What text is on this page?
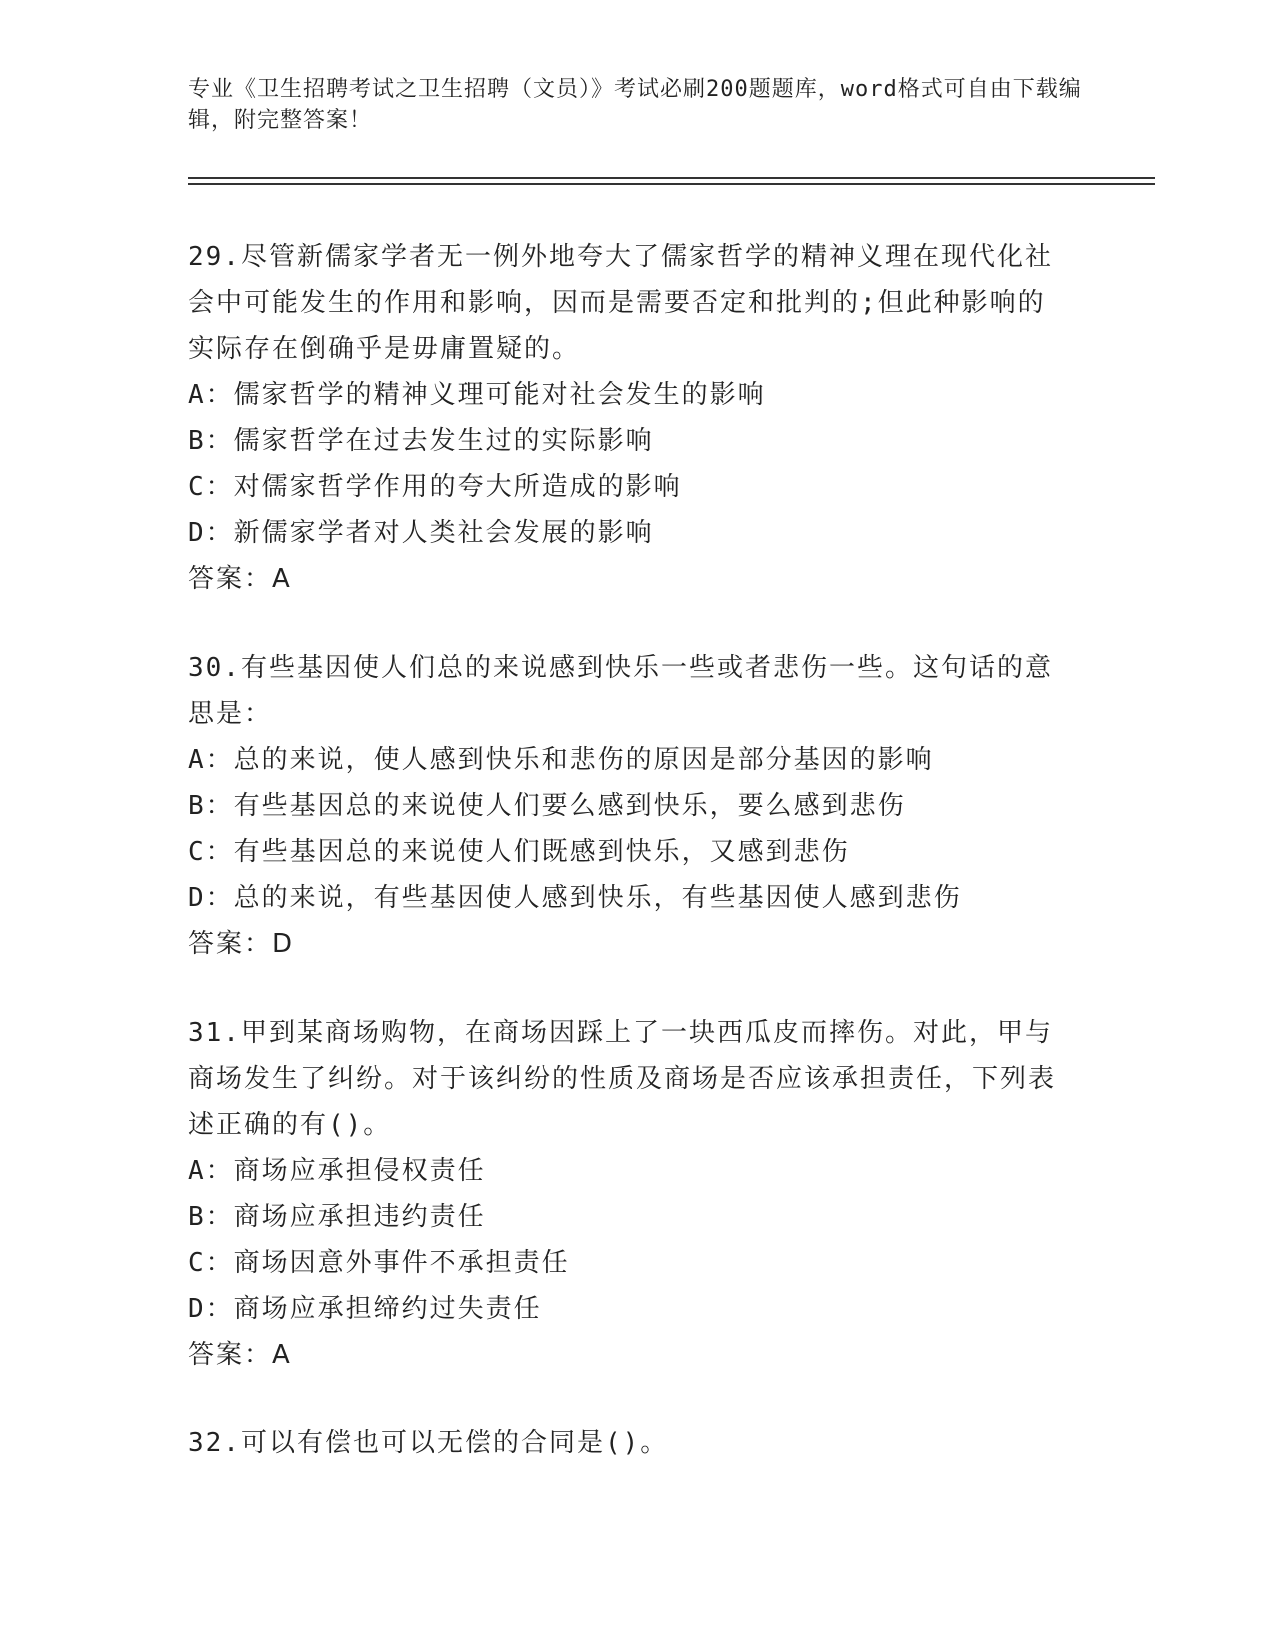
专业《卫生招聘考试之卫生招聘（文员）》考试必刷200题题库，word格式可自由下载编辑，附完整答案！

29.尽管新儒家学者无一例外地夸大了儒家哲学的精神义理在现代化社会中可能发生的作用和影响，因而是需要否定和批判的;但此种影响的实际存在倒确乎是毋庸置疑的。

A：儒家哲学的精神义理可能对社会发生的影响

B：儒家哲学在过去发生过的实际影响

C：对儒家哲学作用的夸大所造成的影响

D：新儒家学者对人类社会发展的影响

答案：A

30.有些基因使人们总的来说感到快乐一些或者悲伤一些。这句话的意思是：

A：总的来说，使人感到快乐和悲伤的原因是部分基因的影响

B：有些基因总的来说使人们要么感到快乐，要么感到悲伤

C：有些基因总的来说使人们既感到快乐，又感到悲伤

D：总的来说，有些基因使人感到快乐，有些基因使人感到悲伤

答案：D

31.甲到某商场购物，在商场因踩上了一块西瓜皮而摔伤。对此，甲与商场发生了纠纷。对于该纠纷的性质及商场是否应该承担责任，下列表述正确的有()。

A：商场应承担侵权责任

B：商场应承担违约责任

C：商场因意外事件不承担责任

D：商场应承担缔约过失责任

答案：A

32.可以有偿也可以无偿的合同是()。
